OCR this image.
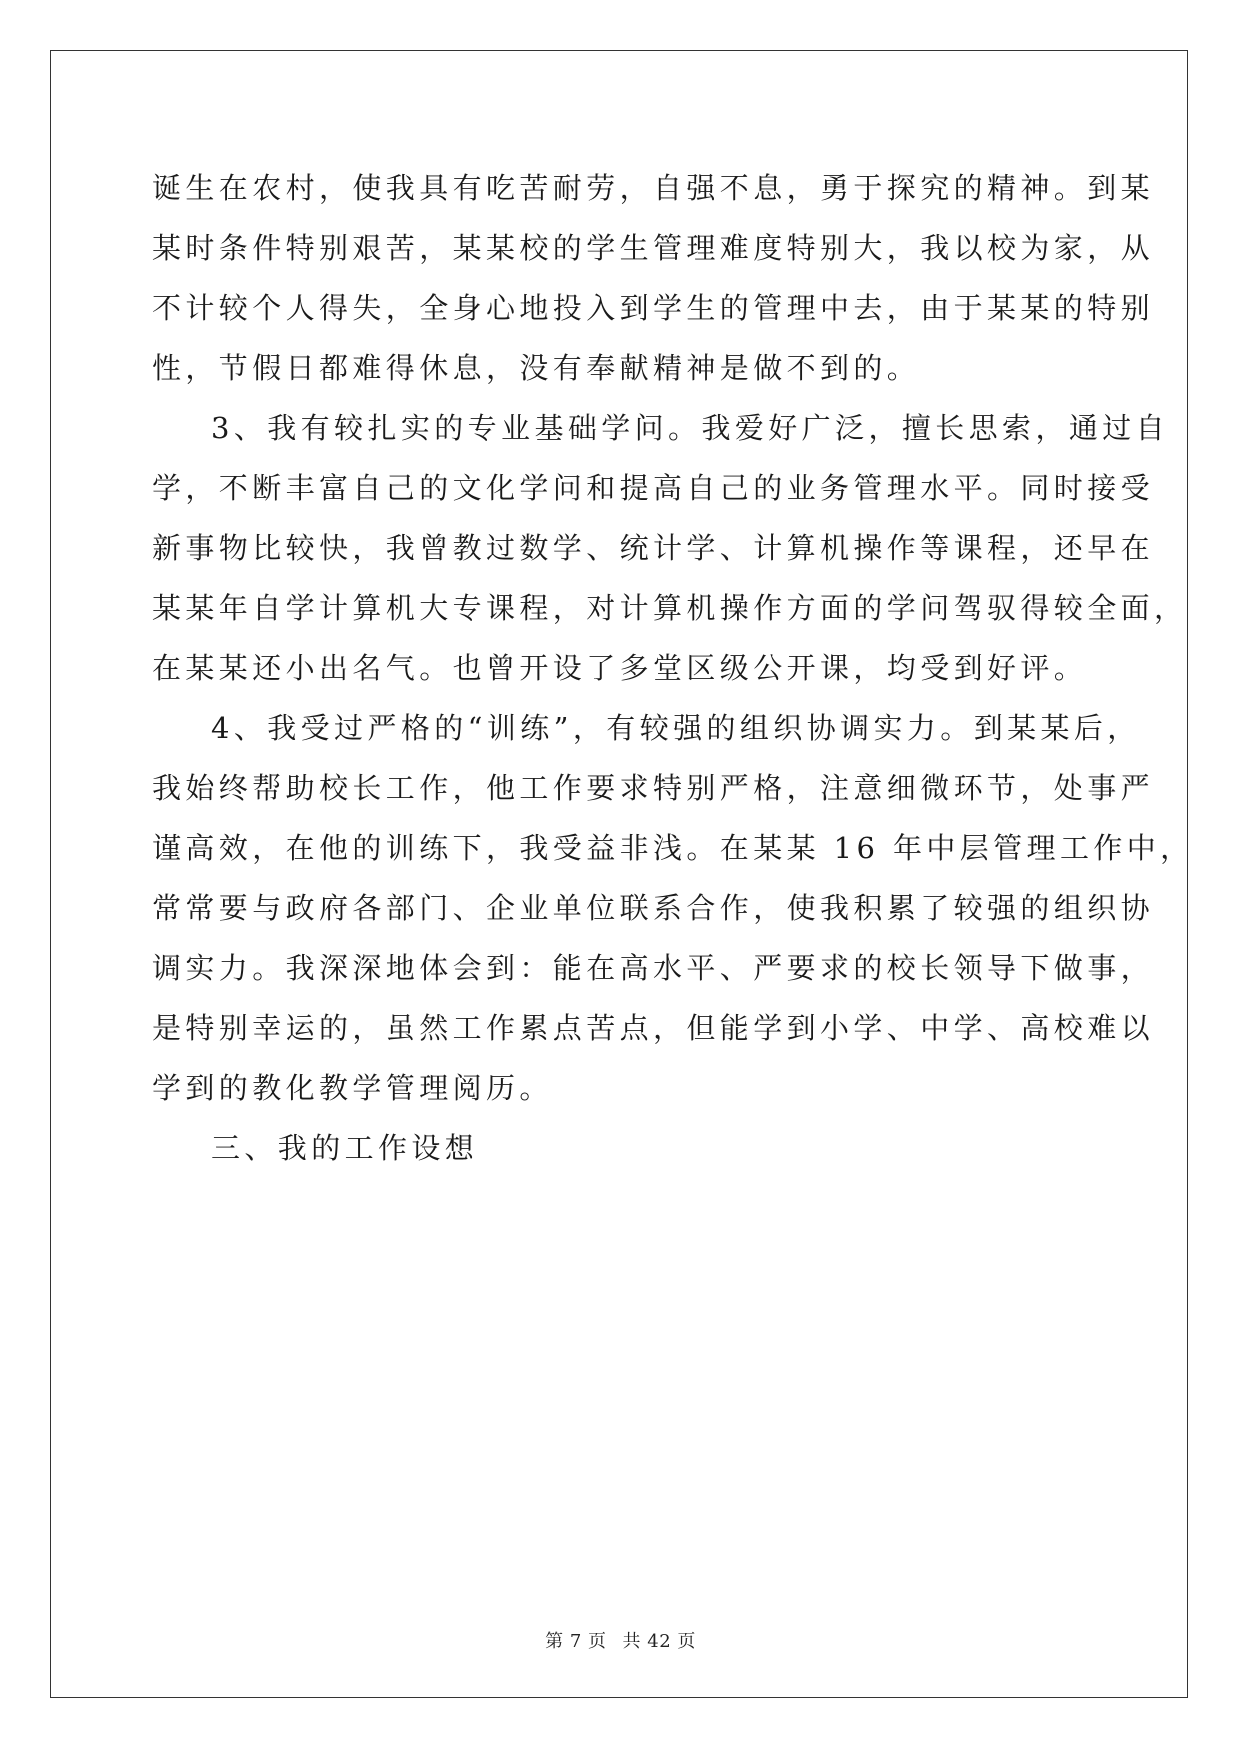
诞生在农村，使我具有吃苦耐劳，自强不息，勇于探究的精神。到某
某时条件特别艰苦，某某校的学生管理难度特别大，我以校为家，从
不计较个人得失，全身心地投入到学生的管理中去，由于某某的特别
性，节假日都难得休息，没有奉献精神是做不到的。
3、我有较扎实的专业基础学问。我爱好广泛，擅长思索，通过自
学，不断丰富自己的文化学问和提高自己的业务管理水平。同时接受
新事物比较快，我曾教过数学、统计学、计算机操作等课程，还早在
某某年自学计算机大专课程，对计算机操作方面的学问驾驭得较全面，
在某某还小出名气。也曾开设了多堂区级公开课，均受到好评。
4、我受过严格的“训练”，有较强的组织协调实力。到某某后，
我始终帮助校长工作，他工作要求特别严格，注意细微环节，处事严
谨高效，在他的训练下，我受益非浅。在某某 16 年中层管理工作中，
常常要与政府各部门、企业单位联系合作，使我积累了较强的组织协
调实力。我深深地体会到：能在高水平、严要求的校长领导下做事，
是特别幸运的，虽然工作累点苦点，但能学到小学、中学、高校难以
学到的教化教学管理阅历。
三、我的工作设想
第 7 页 共 42 页
